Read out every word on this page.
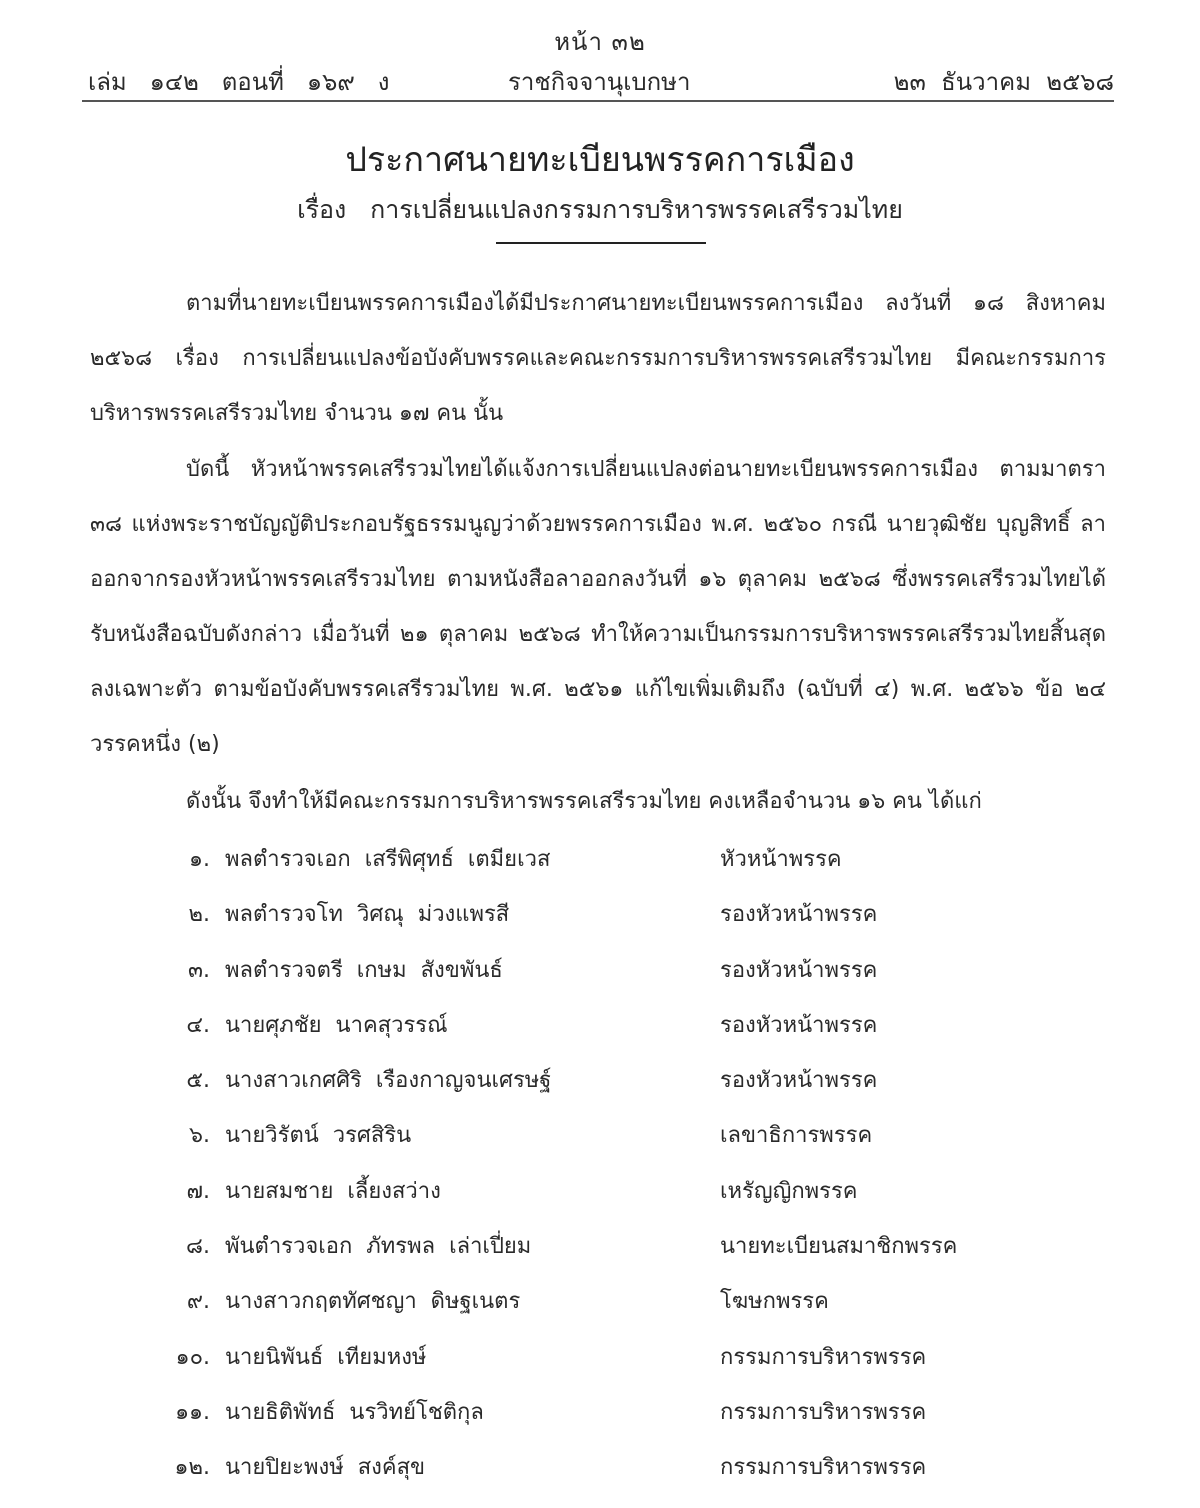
หน้า ๓๒
เล่ม   ๑๔๒   ตอนที่   ๑๖๙   ง	ราชกิจจานุเบกษา	๒๓  ธันวาคม  ๒๕๖๘
ประกาศนายทะเบียนพรรคการเมือง
เรื่อง   การเปลี่ยนแปลงกรรมการบริหารพรรคเสรีรวมไทย

ตามที่นายทะเบียนพรรคการเมืองได้มีประกาศนายทะเบียนพรรคการเมือง ลงวันที่ ๑๘ สิงหาคม ๒๕๖๘ เรื่อง การเปลี่ยนแปลงข้อบังคับพรรคและคณะกรรมการบริหารพรรคเสรีรวมไทย มีคณะกรรมการบริหารพรรคเสรีรวมไทย จำนวน ๑๗ คน นั้น

บัดนี้ หัวหน้าพรรคเสรีรวมไทยได้แจ้งการเปลี่ยนแปลงต่อนายทะเบียนพรรคการเมือง ตามมาตรา ๓๘ แห่งพระราชบัญญัติประกอบรัฐธรรมนูญว่าด้วยพรรคการเมือง พ.ศ. ๒๕๖๐ กรณี นายวุฒิชัย บุญสิทธิ์ ลาออกจากรองหัวหน้าพรรคเสรีรวมไทย ตามหนังสือลาออกลงวันที่ ๑๖ ตุลาคม ๒๕๖๘ ซึ่งพรรคเสรีรวมไทยได้รับหนังสือฉบับดังกล่าว เมื่อวันที่ ๒๑ ตุลาคม ๒๕๖๘ ทำให้ความเป็นกรรมการบริหารพรรคเสรีรวมไทยสิ้นสุดลงเฉพาะตัว ตามข้อบังคับพรรคเสรีรวมไทย พ.ศ. ๒๕๖๑ แก้ไขเพิ่มเติมถึง (ฉบับที่ ๔) พ.ศ. ๒๕๖๖ ข้อ ๒๔ วรรคหนึ่ง (๒)

ดังนั้น จึงทำให้มีคณะกรรมการบริหารพรรคเสรีรวมไทย คงเหลือจำนวน ๑๖ คน ได้แก่

๑. พลตำรวจเอก  เสรีพิศุทธ์  เตมียเวส	หัวหน้าพรรค
๒. พลตำรวจโท  วิศณุ  ม่วงแพรสี	รองหัวหน้าพรรค
๓. พลตำรวจตรี  เกษม  สังขพันธ์	รองหัวหน้าพรรค
๔. นายศุภชัย  นาคสุวรรณ์	รองหัวหน้าพรรค
๕. นางสาวเกศศิริ  เรืองกาญจนเศรษฐ์	รองหัวหน้าพรรค
๖. นายวิรัตน์  วรศสิริน	เลขาธิการพรรค
๗. นายสมชาย  เลี้ยงสว่าง	เหรัญญิกพรรค
๘. พันตำรวจเอก  ภัทรพล  เล่าเปี่ยม	นายทะเบียนสมาชิกพรรค
๙. นางสาวกฤตทัศชญา  ดิษฐเนตร	โฆษกพรรค
๑๐. นายนิพันธ์  เทียมหงษ์	กรรมการบริหารพรรค
๑๑. นายธิติพัทธ์  นรวิทย์โชติกุล	กรรมการบริหารพรรค
๑๒. นายปิยะพงษ์  สงค์สุข	กรรมการบริหารพรรค
